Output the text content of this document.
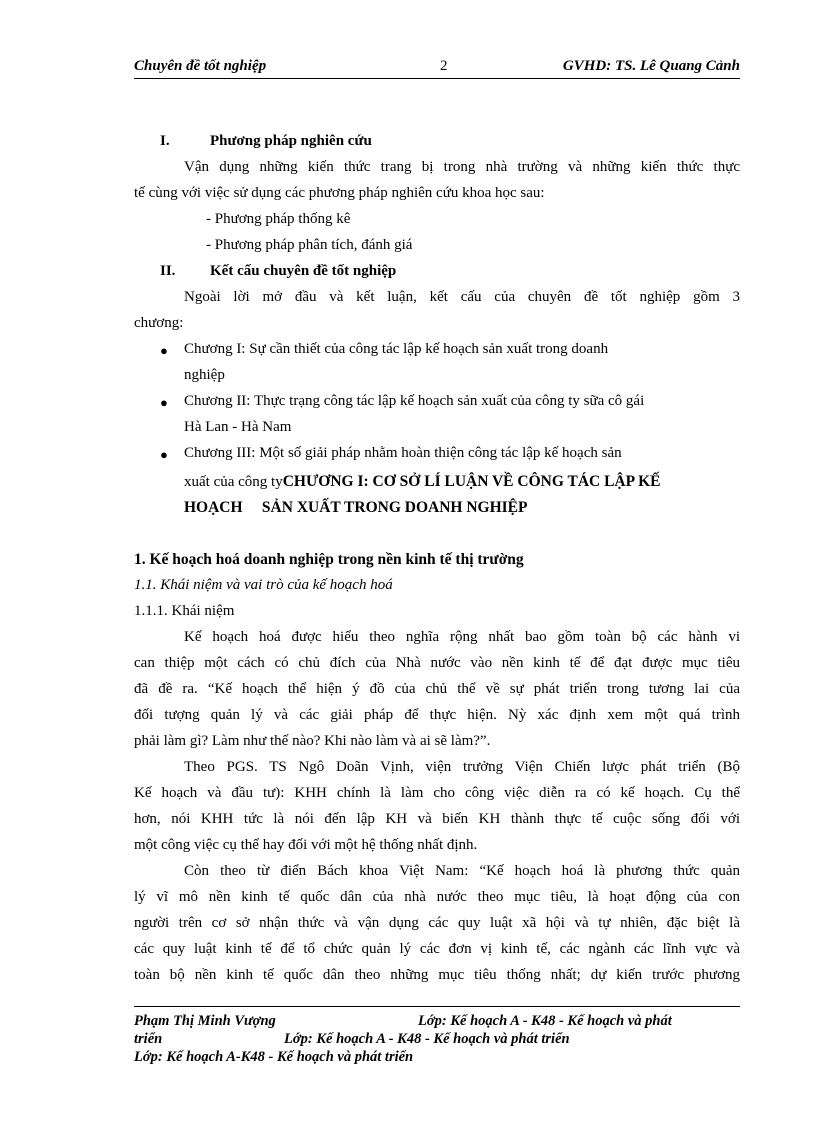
Chuyên đề tốt nghiệp	2	GVHD: TS. Lê Quang Cảnh
I.	Phương pháp nghiên cứu
Vận dụng những kiến thức trang bị trong nhà trường và những kiến thức thực
tế cùng với việc sử dụng các phương pháp nghiên cứu khoa học sau:
- Phương pháp thống kê
- Phương pháp phân tích, đánh giá
II. Kết cấu chuyên đề tốt nghiệp
Ngoài lời mở đầu và kết luận, kết cấu của chuyên đề tốt nghiệp gồm 3
chương:
● Chương I: Sự cần thiết của công tác lập kế hoạch sản xuất trong doanh
nghiệp
● Chương II: Thực trạng công tác lập kế hoạch sản xuất của công ty sữa cô gái
Hà Lan - Hà Nam
● Chương III: Một số giải pháp nhằm hoàn thiện công tác lập kế hoạch sản
xuất của công tyCHƯƠNG I: CƠ SỞ LÍ LUẬN VỀ CÔNG TÁC LẬP KẾ
HOẠCH     SẢN XUẤT TRONG DOANH NGHIỆP
1. Kế hoạch hoá doanh nghiệp trong nền kinh tế thị trường
1.1. Khái niệm và vai trò của kế hoạch hoá
1.1.1. Khái niệm
Kế hoạch hoá được hiểu theo nghĩa rộng nhất bao gồm toàn bộ các hành vi
can thiệp một cách có chủ đích của Nhà nước vào nền kinh tế để đạt được mục tiêu
đã đề ra. “Kế hoạch thể hiện ý đồ của chủ thể về sự phát triển trong tương lai của
đối tượng quản lý và các giải pháp để thực hiện. Nỳ xác định xem một quá trình
phải làm gì? Làm như thế nào? Khi nào làm và ai sẽ làm?”.
Theo PGS. TS Ngô Doãn Vịnh, viện trưởng Viện Chiến lược phát triển (Bộ
Kế hoạch và đầu tư): KHH chính là làm cho công việc diễn ra có kế hoạch. Cụ thể
hơn, nói KHH tức là nói đến lập KH và biến KH thành thực tế cuộc sống đối với
một công việc cụ thể hay đối với một hệ thống nhất định.
Còn theo từ điển Bách khoa Việt Nam: “Kế hoạch hoá là phương thức quản
lý vĩ mô nền kinh tế quốc dân của nhà nước theo mục tiêu, là hoạt động của con
người trên cơ sở nhận thức và vận dụng các quy luật xã hội và tự nhiên, đặc biệt là
các quy luật kinh tế để tổ chức quản lý các đơn vị kinh tế, các ngành các lĩnh vực và
toàn bộ nền kinh tế quốc dân theo những mục tiêu thống nhất; dự kiến trước phương
Phạm Thị Minh Vượng	Lớp: Kế hoạch A - K48 - Kế hoạch và phát
triển	Lớp: Kế hoạch A - K48 - Kế hoạch và phát triển
Lớp: Kế hoạch A-K48 - Kế hoạch và phát triển
